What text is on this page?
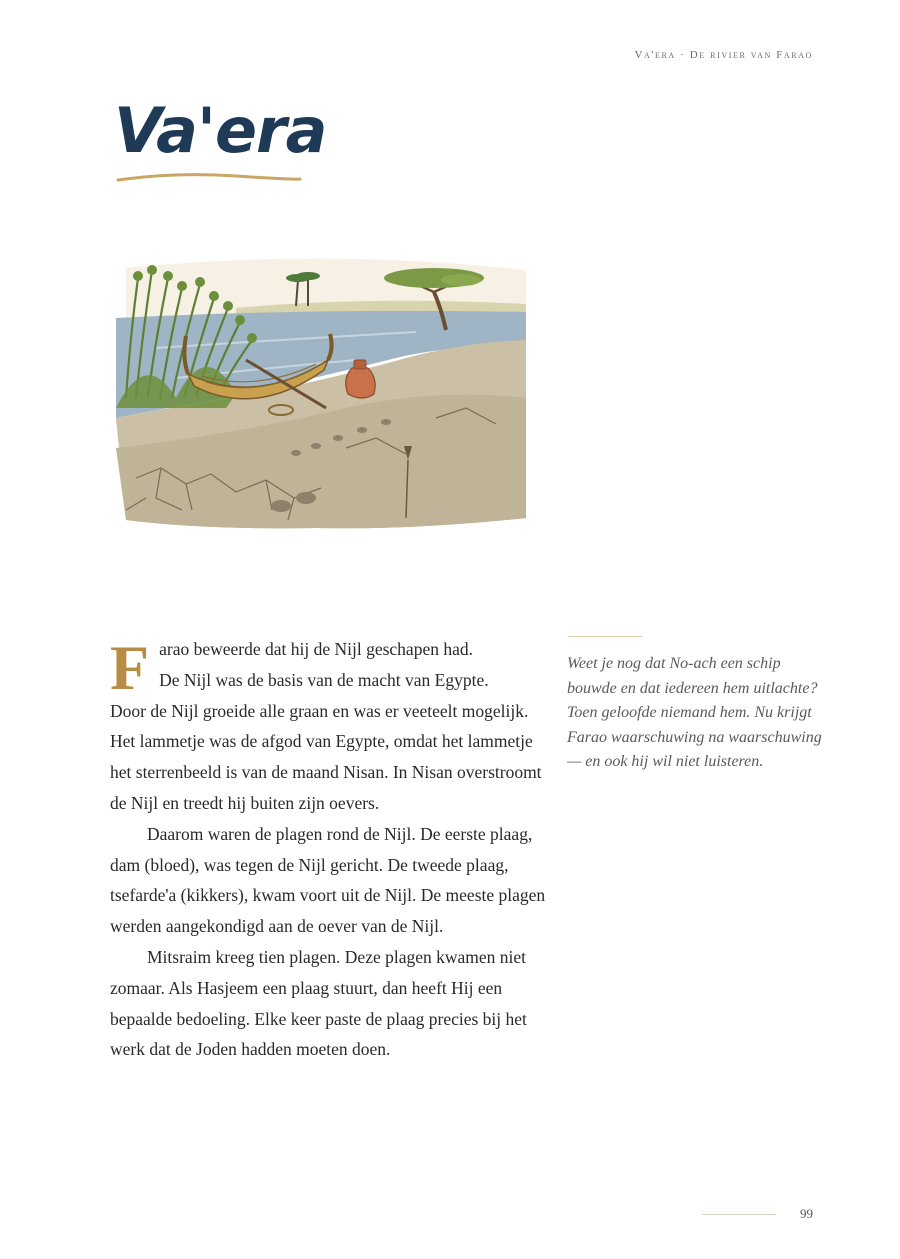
Va'era · De rivier van Farao
Va'era

F arao beweerde dat hij de Nijl geschapen had.
De Nijl was de basis van de macht van Egypte.
Door de Nijl groeide alle graan en was er veeteelt mogelijk. Het lammetje was de afgod van Egypte, omdat het lammetje het sterrenbeeld is van de maand Nisan. In Nisan overstroomt de Nijl en treedt hij buiten zijn oevers.

Daarom waren de plagen rond de Nijl. De eerste plaag, dam (bloed), was tegen de Nijl gericht. De tweede plaag, tsefarde'a (kikkers), kwam voort uit de Nijl. De meeste plagen werden aangekondigd aan de oever van de Nijl.

Mitsraim kreeg tien plagen. Deze plagen kwamen niet zomaar. Als Hasjeem een plaag stuurt, dan heeft Hij een bepaalde bedoeling. Elke keer paste de plaag precies bij het werk dat de Joden hadden moeten doen.

Weet je nog dat No-ach een schip bouwde en dat iedereen hem uitlachte? Toen geloofde niemand hem. Nu krijgt Farao waarschuwing na waarschuwing — en ook hij wil niet luisteren.
99
